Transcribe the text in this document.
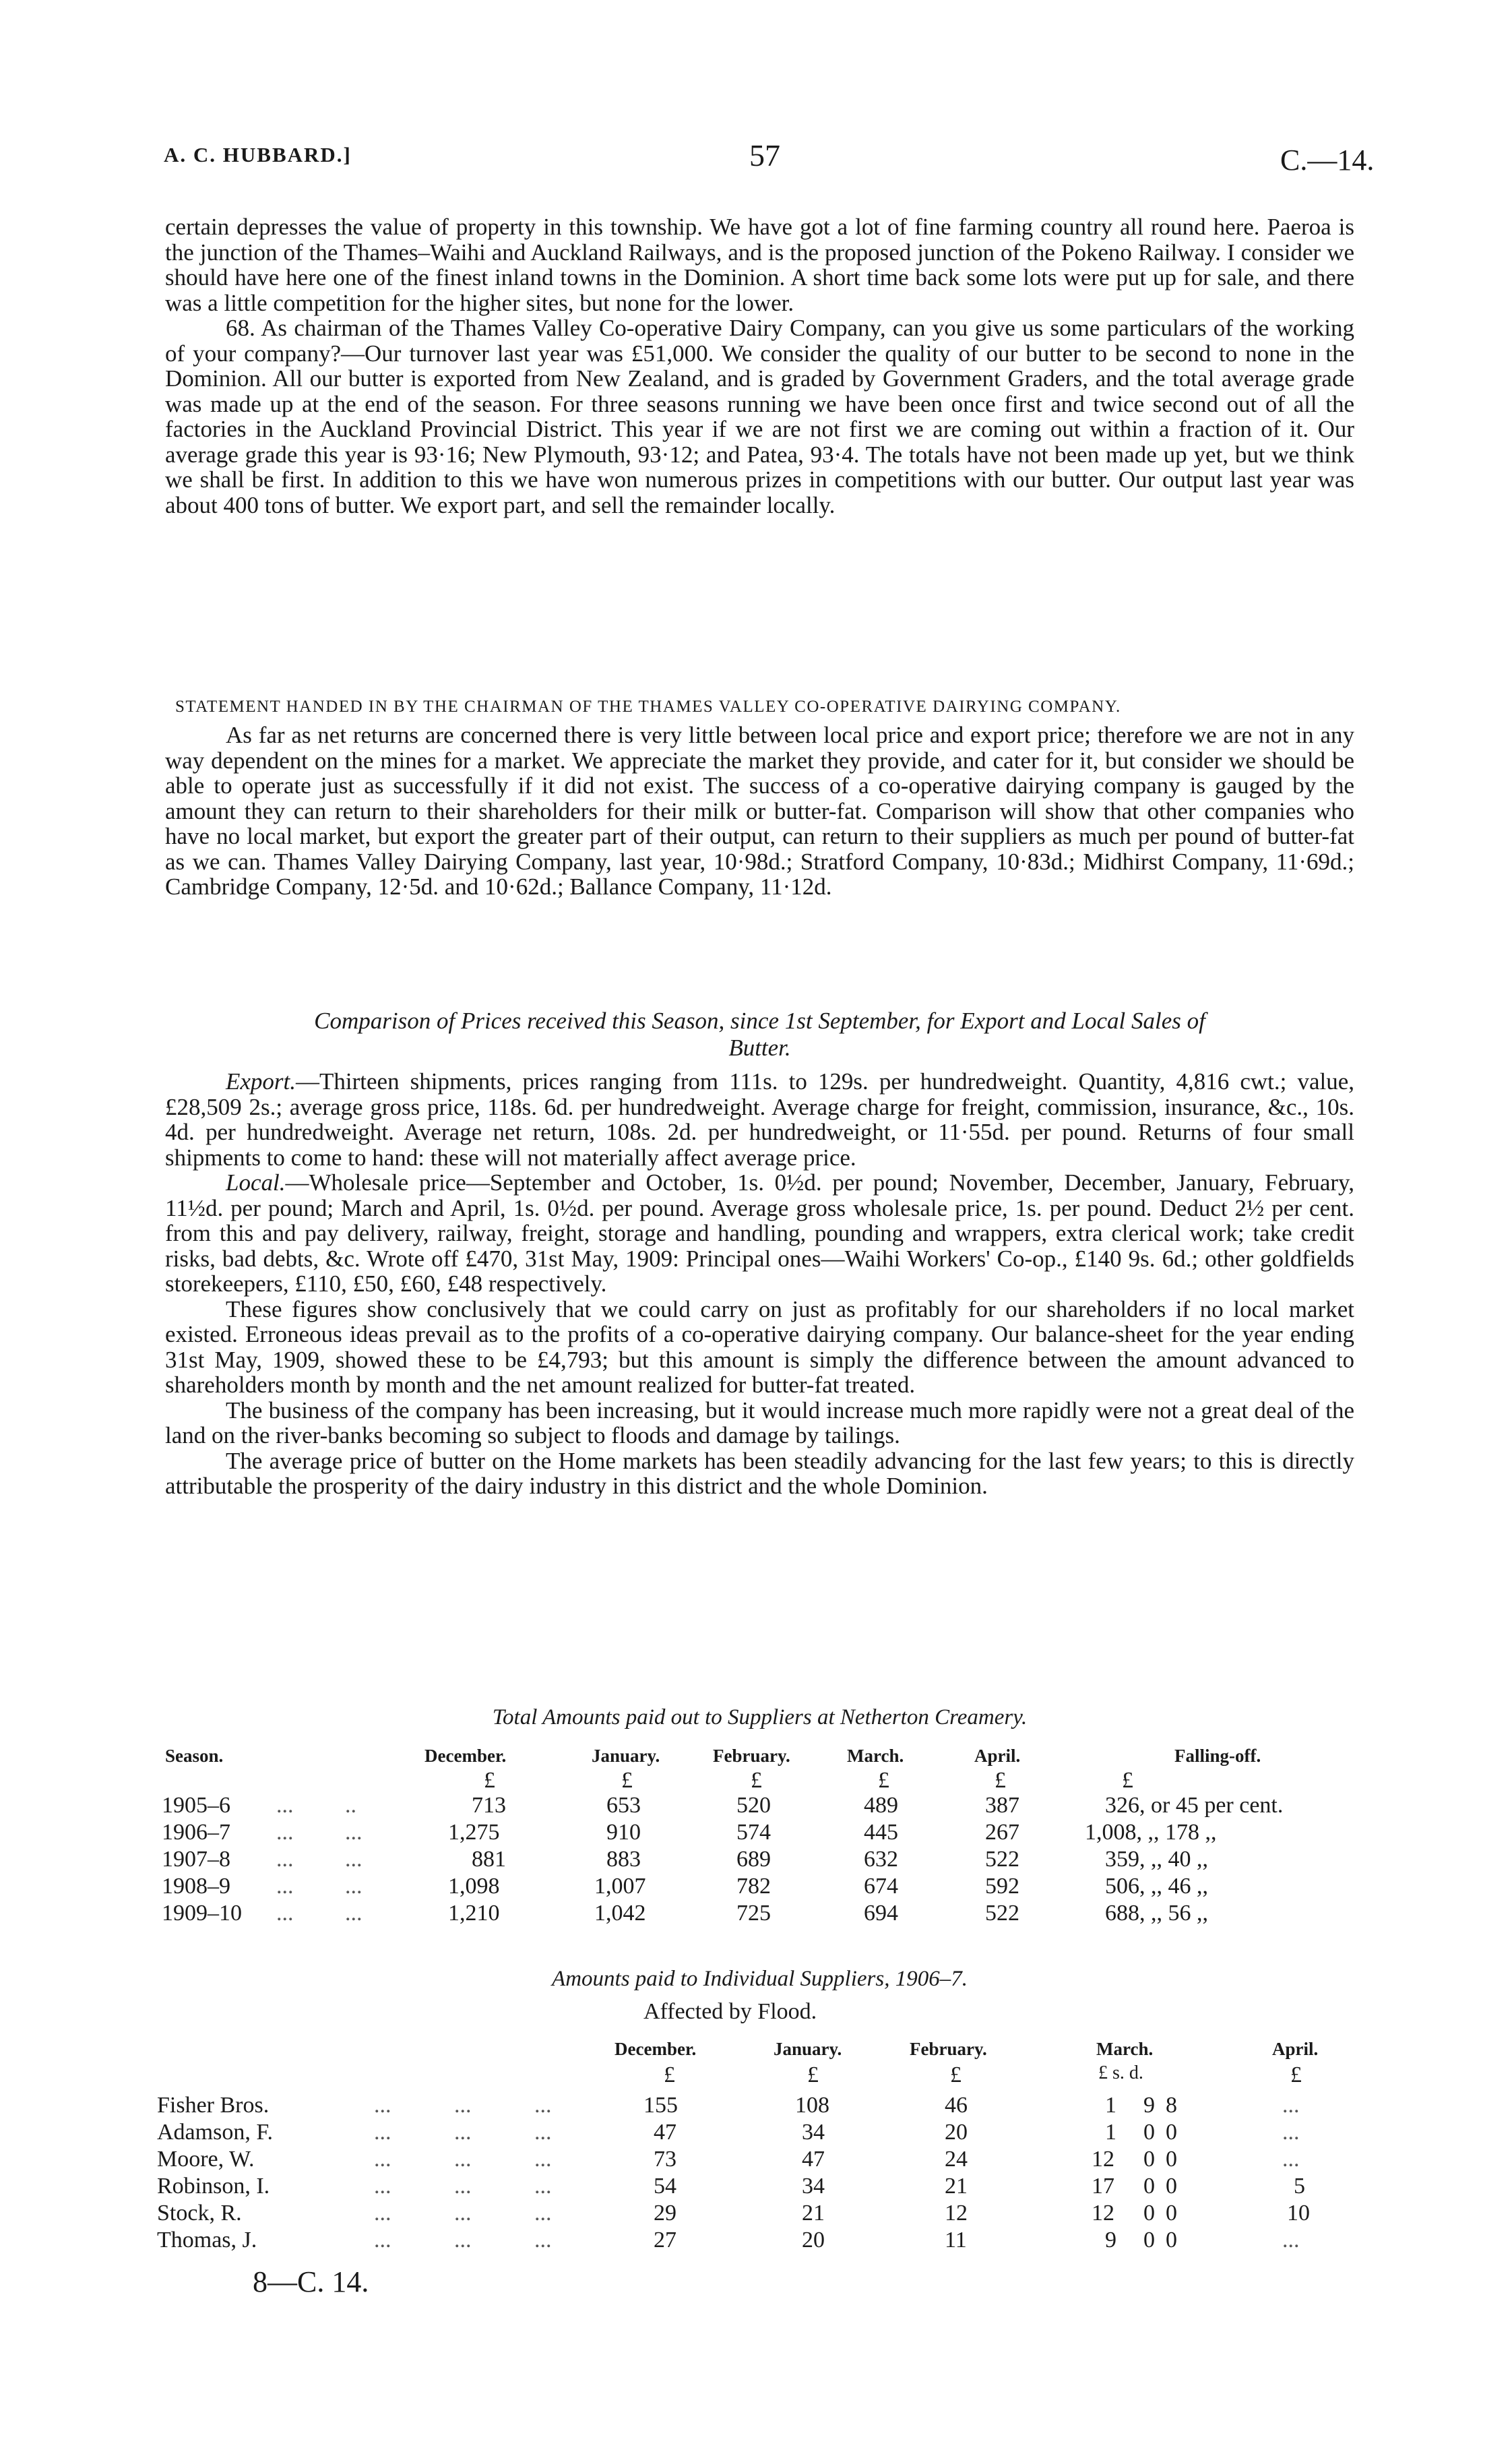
A. C. HUBBARD.]	57	C.—14.

certain depresses the value of property in this township. We have got a lot of fine farming country all round here. Paeroa is the junction of the Thames–Waihi and Auckland Railways, and is the proposed junction of the Pokeno Railway. I consider we should have here one of the finest inland towns in the Dominion. A short time back some lots were put up for sale, and there was a little competition for the higher sites, but none for the lower.

68. As chairman of the Thames Valley Co-operative Dairy Company, can you give us some particulars of the working of your company?—Our turnover last year was £51,000. We consider the quality of our butter to be second to none in the Dominion. All our butter is exported from New Zealand, and is graded by Government Graders, and the total average grade was made up at the end of the season. For three seasons running we have been once first and twice second out of all the factories in the Auckland Provincial District. This year if we are not first we are coming out within a fraction of it. Our average grade this year is 93·16; New Plymouth, 93·12; and Patea, 93·4. The totals have not been made up yet, but we think we shall be first. In addition to this we have won numerous prizes in competitions with our butter. Our output last year was about 400 tons of butter. We export part, and sell the remainder locally.

STATEMENT HANDED IN BY THE CHAIRMAN OF THE THAMES VALLEY CO-OPERATIVE DAIRYING COMPANY.

As far as net returns are concerned there is very little between local price and export price; therefore we are not in any way dependent on the mines for a market. We appreciate the market they provide, and cater for it, but consider we should be able to operate just as successfully if it did not exist. The success of a co-operative dairying company is gauged by the amount they can return to their shareholders for their milk or butter-fat. Comparison will show that other companies who have no local market, but export the greater part of their output, can return to their suppliers as much per pound of butter-fat as we can. Thames Valley Dairying Company, last year, 10·98d.; Stratford Company, 10·83d.; Midhirst Company, 11·69d.; Cambridge Company, 12·5d. and 10·62d.; Ballance Company, 11·12d.

Comparison of Prices received this Season, since 1st September, for Export and Local Sales of
Butter.

Export.—Thirteen shipments, prices ranging from 111s. to 129s. per hundredweight. Quantity, 4,816 cwt.; value, £28,509 2s.; average gross price, 118s. 6d. per hundredweight. Average charge for freight, commission, insurance, &c., 10s. 4d. per hundredweight. Average net return, 108s. 2d. per hundredweight, or 11·55d. per pound. Returns of four small shipments to come to hand: these will not materially affect average price.

Local.—Wholesale price—September and October, 1s. 0½d. per pound; November, December, January, February, 11½d. per pound; March and April, 1s. 0½d. per pound. Average gross wholesale price, 1s. per pound. Deduct 2½ per cent. from this and pay delivery, railway, freight, storage and handling, pounding and wrappers, extra clerical work; take credit risks, bad debts, &c. Wrote off £470, 31st May, 1909: Principal ones—Waihi Workers' Co-op., £140 9s. 6d.; other goldfields storekeepers, £110, £50, £60, £48 respectively.

These figures show conclusively that we could carry on just as profitably for our shareholders if no local market existed. Erroneous ideas prevail as to the profits of a co-operative dairying company. Our balance-sheet for the year ending 31st May, 1909, showed these to be £4,793; but this amount is simply the difference between the amount advanced to shareholders month by month and the net amount realized for butter-fat treated.

The business of the company has been increasing, but it would increase much more rapidly were not a great deal of the land on the river-banks becoming so subject to floods and damage by tailings.

The average price of butter on the Home markets has been steadily advancing for the last few years; to this is directly attributable the prosperity of the dairy industry in this district and the whole Dominion.

Total Amounts paid out to Suppliers at Netherton Creamery.
Season.	December.	January.	February.	March.	April.	Falling-off.
£	£	£	£	£	£
1905–6 ...         ..	713	653	520	489	387	326, or 45 per cent.
1906–7 ...         ...	1,275	910	574	445	267	1,008, ,, 178 ,,
1907–8 ...         ...	881	883	689	632	522	359, ,, 40 ,,
1908–9 ...         ...	1,098	1,007	782	674	592	506, ,, 46 ,,
1909–10 ...         ...	1,210	1,042	725	694	522	688, ,, 56 ,,
Amounts paid to Individual Suppliers, 1906–7.
Affected by Flood.
December.	January.	February.	March.	April.
£	£	£	£ s. d.	£
Fisher Bros.	...           ...           ...	155	108	46	1 9 8	...
Adamson, F.	...           ...           ...	47	34	20	1 0 0	...
Moore, W.	...           ...           ...	73	47	24	12 0 0	...
Robinson, I.	...           ...           ...	54	34	21	17 0 0	5
Stock, R.	...           ...           ...	29	21	12	12 0 0	10
Thomas, J.	...           ...           ...	27	20	11	9 0 0	...
8—C. 14.
